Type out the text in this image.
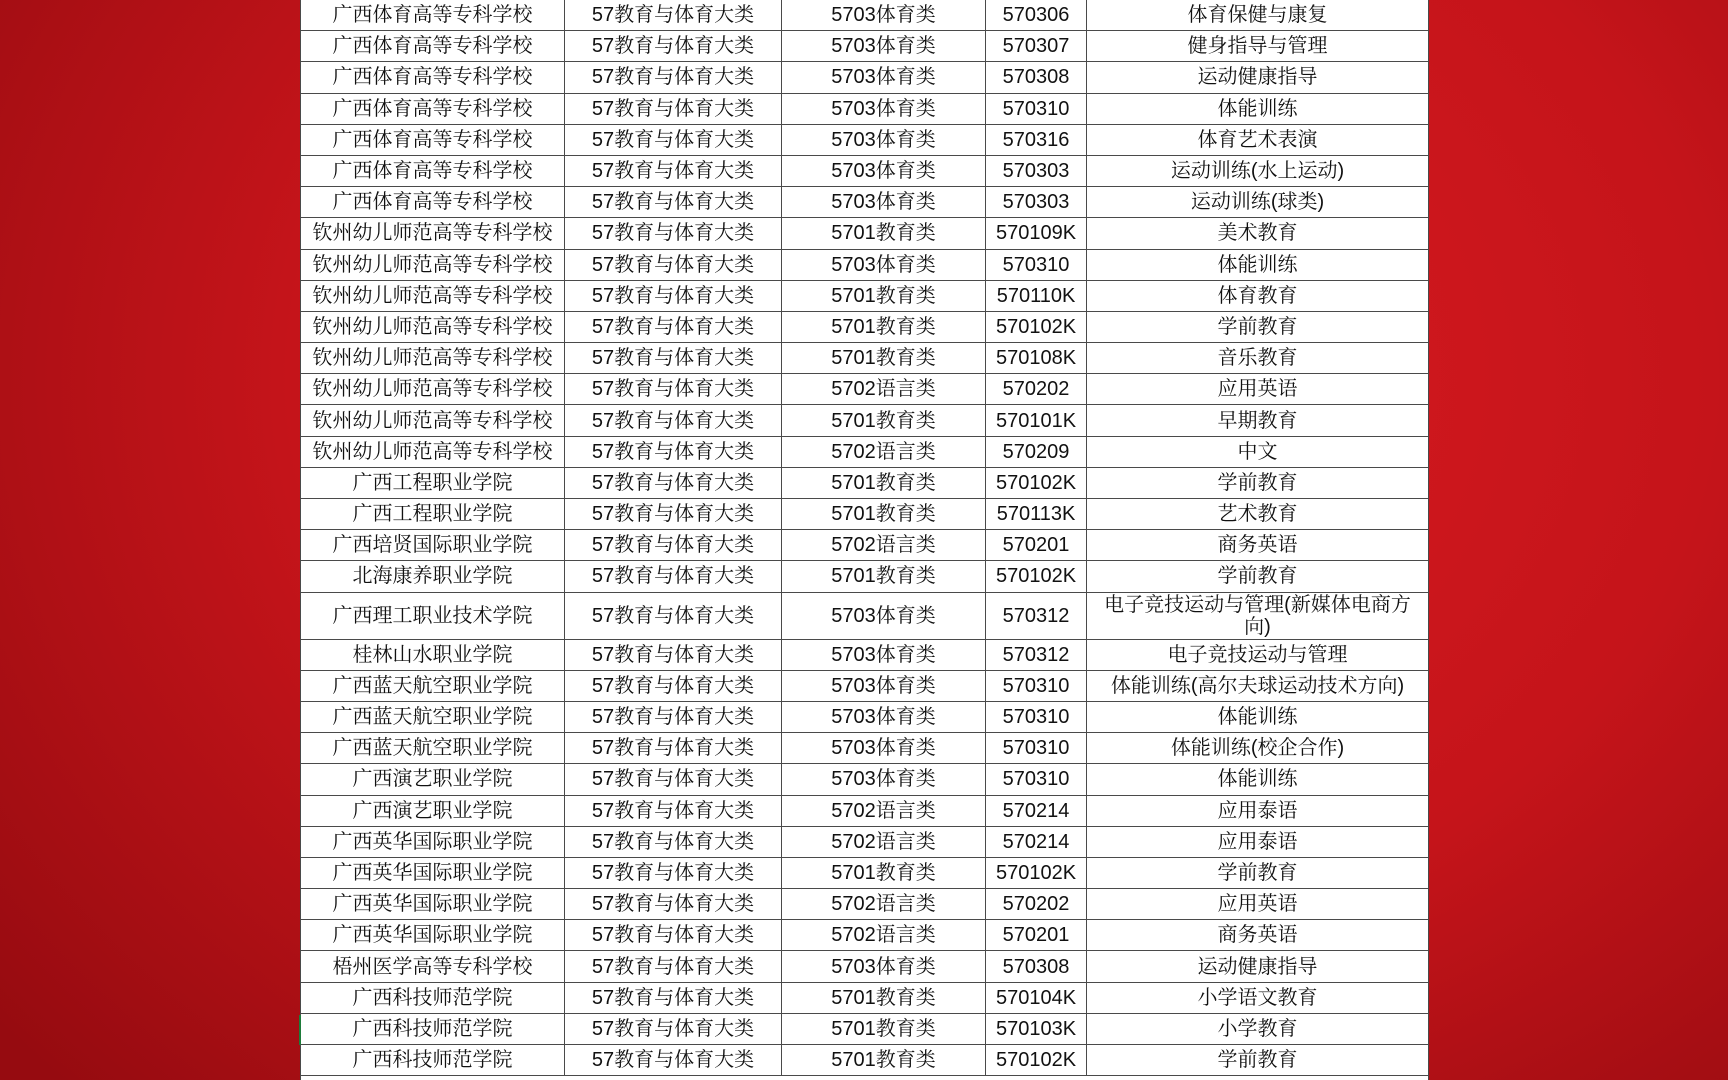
广西体育高等专科学校	57教育与体育大类	5703体育类	570306	体育保健与康复
广西体育高等专科学校	57教育与体育大类	5703体育类	570307	健身指导与管理
广西体育高等专科学校	57教育与体育大类	5703体育类	570308	运动健康指导
广西体育高等专科学校	57教育与体育大类	5703体育类	570310	体能训练
广西体育高等专科学校	57教育与体育大类	5703体育类	570316	体育艺术表演
广西体育高等专科学校	57教育与体育大类	5703体育类	570303	运动训练(水上运动)
广西体育高等专科学校	57教育与体育大类	5703体育类	570303	运动训练(球类)
钦州幼儿师范高等专科学校	57教育与体育大类	5701教育类	570109K	美术教育
钦州幼儿师范高等专科学校	57教育与体育大类	5703体育类	570310	体能训练
钦州幼儿师范高等专科学校	57教育与体育大类	5701教育类	570110K	体育教育
钦州幼儿师范高等专科学校	57教育与体育大类	5701教育类	570102K	学前教育
钦州幼儿师范高等专科学校	57教育与体育大类	5701教育类	570108K	音乐教育
钦州幼儿师范高等专科学校	57教育与体育大类	5702语言类	570202	应用英语
钦州幼儿师范高等专科学校	57教育与体育大类	5701教育类	570101K	早期教育
钦州幼儿师范高等专科学校	57教育与体育大类	5702语言类	570209	中文
广西工程职业学院	57教育与体育大类	5701教育类	570102K	学前教育
广西工程职业学院	57教育与体育大类	5701教育类	570113K	艺术教育
广西培贤国际职业学院	57教育与体育大类	5702语言类	570201	商务英语
北海康养职业学院	57教育与体育大类	5701教育类	570102K	学前教育
广西理工职业技术学院	57教育与体育大类	5703体育类	570312	电子竞技运动与管理(新媒体电商方向)
桂林山水职业学院	57教育与体育大类	5703体育类	570312	电子竞技运动与管理
广西蓝天航空职业学院	57教育与体育大类	5703体育类	570310	体能训练(高尔夫球运动技术方向)
广西蓝天航空职业学院	57教育与体育大类	5703体育类	570310	体能训练
广西蓝天航空职业学院	57教育与体育大类	5703体育类	570310	体能训练(校企合作)
广西演艺职业学院	57教育与体育大类	5703体育类	570310	体能训练
广西演艺职业学院	57教育与体育大类	5702语言类	570214	应用泰语
广西英华国际职业学院	57教育与体育大类	5702语言类	570214	应用泰语
广西英华国际职业学院	57教育与体育大类	5701教育类	570102K	学前教育
广西英华国际职业学院	57教育与体育大类	5702语言类	570202	应用英语
广西英华国际职业学院	57教育与体育大类	5702语言类	570201	商务英语
梧州医学高等专科学校	57教育与体育大类	5703体育类	570308	运动健康指导
广西科技师范学院	57教育与体育大类	5701教育类	570104K	小学语文教育
广西科技师范学院	57教育与体育大类	5701教育类	570103K	小学教育
广西科技师范学院	57教育与体育大类	5701教育类	570102K	学前教育
